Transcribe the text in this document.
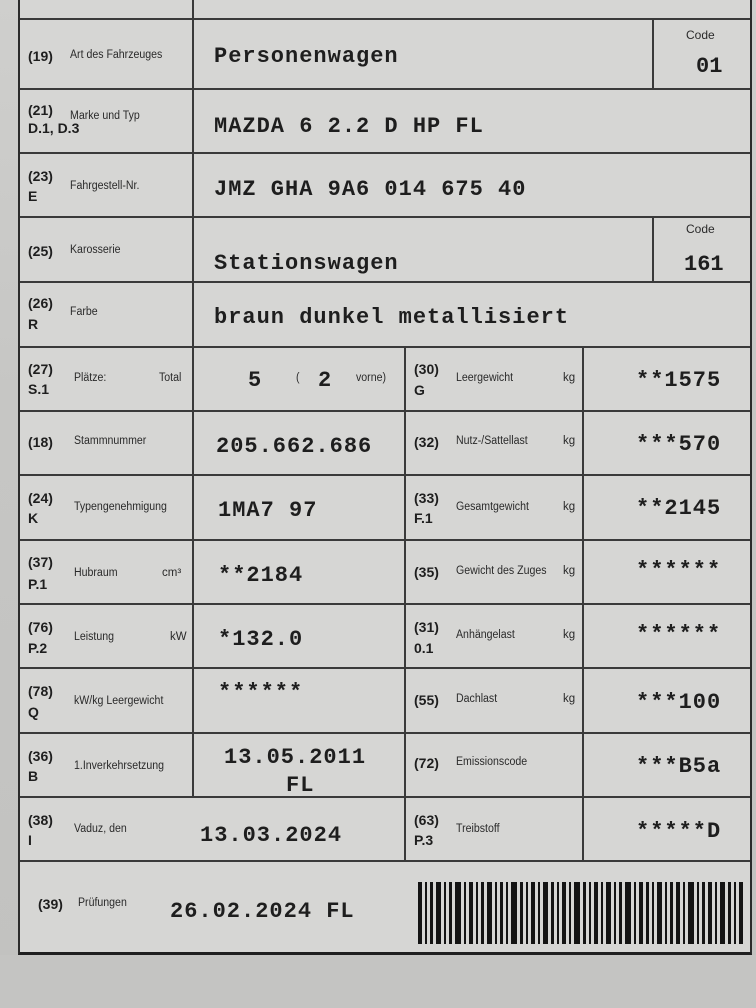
(19) Art des Fahrzeuges Personenwagen
Code
01
(21)
D.1, D.3
Marke und Typ	MAZDA 6 2.2 D HP FL
(23)
E
Fahrgestell-Nr.	JMZ GHA 9A6 014 675 40
(25) Karosserie
Stationswagen
Code
161
(26)
R
Farbe	braun dunkel metallisiert
(27)
S.1
Plätze:	Total	5	( 2 vorne)
(18) Stammnummer	205.662.686
(24)
K
Typengenehmigung 1MA7 97
(37)
P.1
Hubraum	cm³ **2184
(76)
P.2
Leistung	kW *132.0
(78)
Q
kW/kg Leergewicht ******
(36)
B
1.Inverkehrsetzung	13.05.2011
FL
(38)
I
Vaduz, den	13.03.2024
(30)
G
Leergewicht	kg	**1575
(32) Nutz-/Sattellast	kg	***570
(33)
F.1
Gesamtgewicht	kg	**2145
(35) Gewicht des Zuges kg	******
(31)
0.1
Anhängelast	kg	******
(55) Dachlast	kg	***100
(72) Emissionscode	***B5a
(63)
P.3
Treibstoff	*****D
(39) Prüfungen 26.02.2024 FL
